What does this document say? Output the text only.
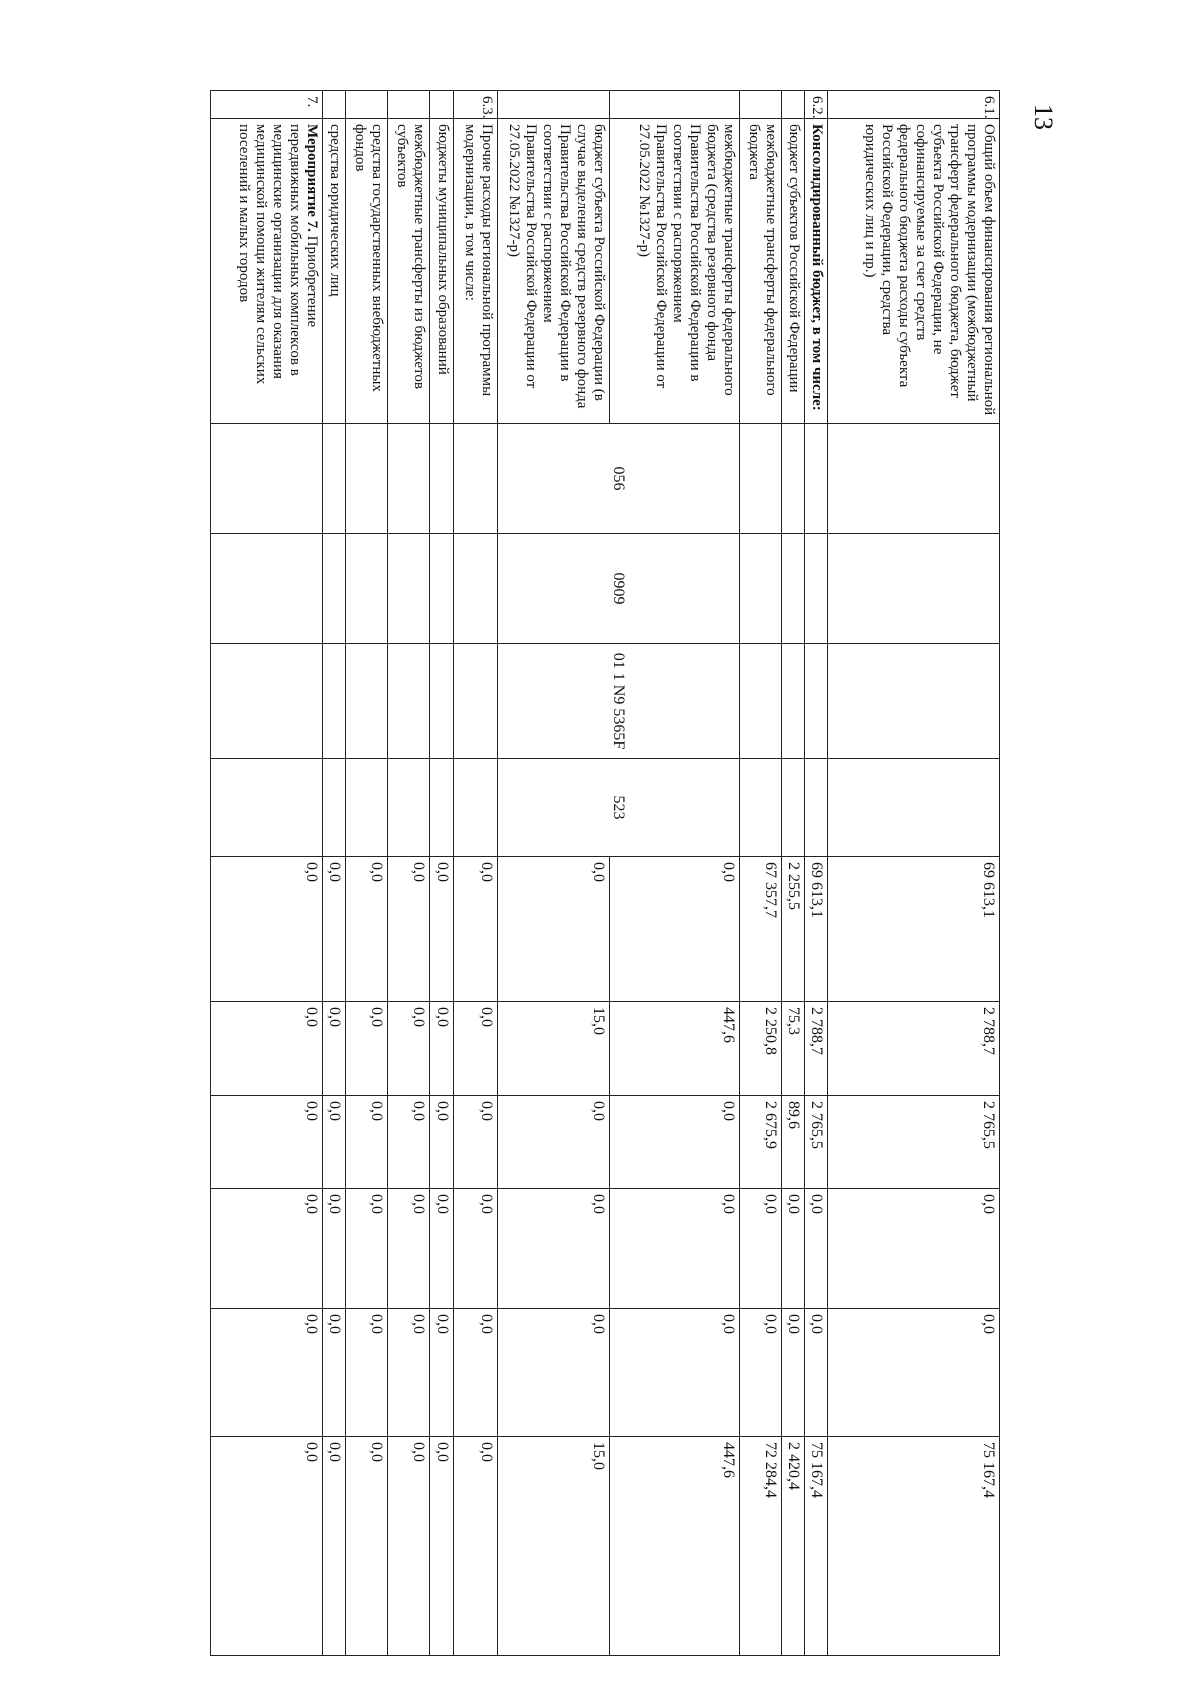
13
6.1.	Общий объем финансирования региональной программы модернизации (межбюджетный трансферт федерального бюджета, бюджет субъекта Российской Федерации, не софинансируемые за счет средств федерального бюджета расходы субъекта Российской Федерации, средства юридических лиц и пр.)					69 613,1	2 788,7	2 765,5	0,0	0,0	75 167,4
6.2.	Консолидированный бюджет, в том числе:					69 613,1	2 788,7	2 765,5	0,0	0,0	75 167,4
	бюджет субъектов Российской Федерации					2 255,5	75,3	89,6	0,0	0,0	2 420,4
	межбюджетные трансферты федерального бюджета					67 357,7	2 250,8	2 675,9	0,0	0,0	72 284,4
	межбюджетные трансферты федерального бюджета (средства резервного фонда Правительства Российской Федерации в соответствии с распоряжением Правительства Российской Федерации от 27.05.2022 №1327-р)	056	0909	01 1 N9 5365F	523	0,0	447,6	0,0	0,0	0,0	447,6
	бюджет субъекта Российской Федерации (в случае выделения средств резервного фонда Правительства Российской Федерации в соответствии с распоряжением Правительства Российской Федерации от 27.05.2022 №1327-р)					0,0	15,0	0,0	0,0	0,0	15,0
6.3.	Прочие расходы региональной программы модернизации, в том числе:					0,0	0,0	0,0	0,0	0,0	0,0
	бюджеты муниципальных образований					0,0	0,0	0,0	0,0	0,0	0,0
	межбюджетные трансферты из бюджетов субъектов					0,0	0,0	0,0	0,0	0,0	0,0
	средства государственных внебюджетных фондов					0,0	0,0	0,0	0,0	0,0	0,0
	средства юридических лиц					0,0	0,0	0,0	0,0	0,0	0,0
7.	Мероприятие 7. Приобретение передвижных мобильных комплексов в медицинские организации для оказания медицинской помощи жителям сельских поселений и малых городов					0,0	0,0	0,0	0,0	0,0	0,0
